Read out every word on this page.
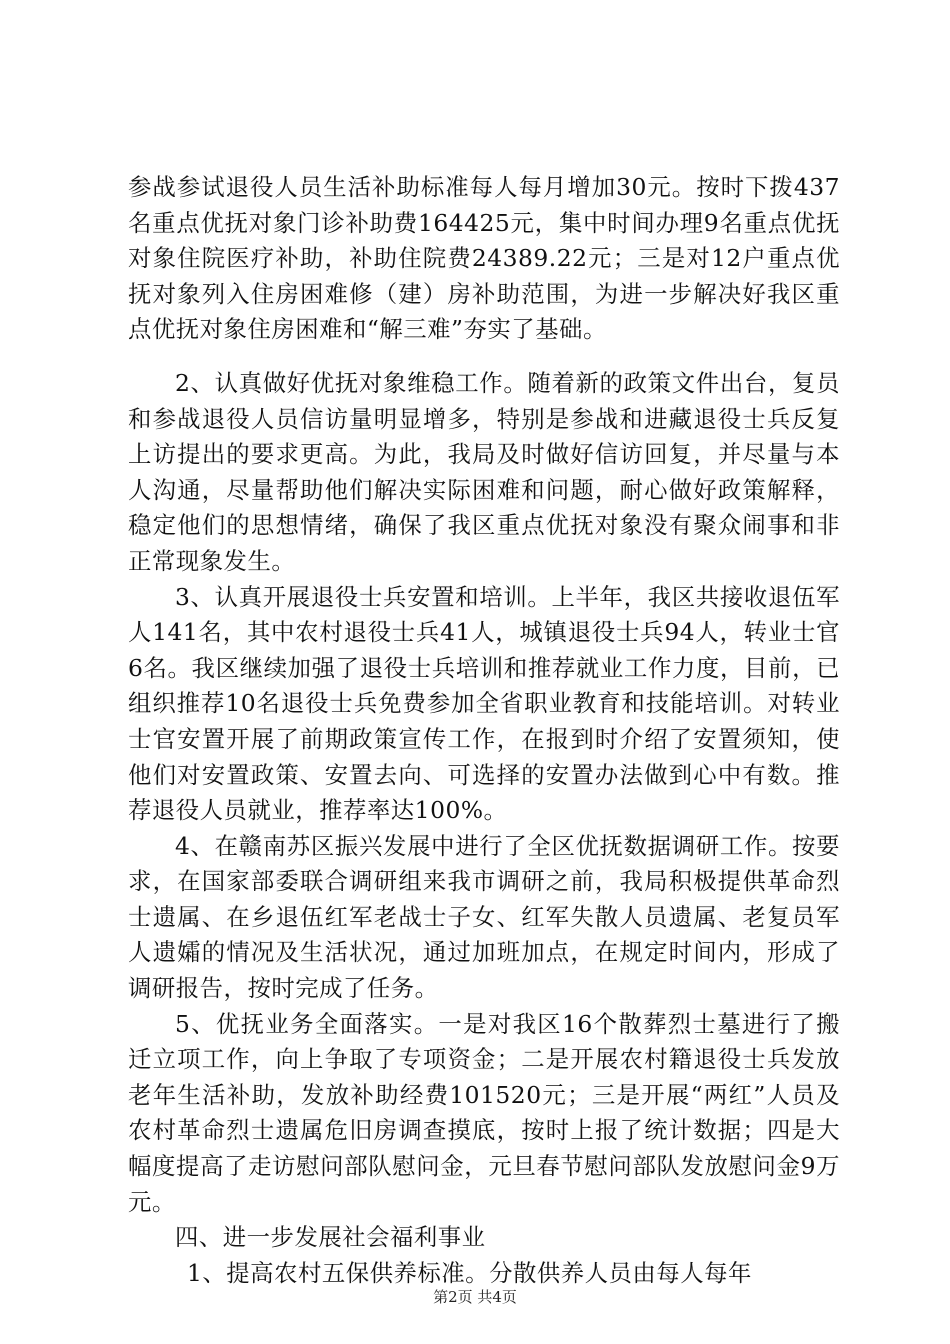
参战参试退役人员生活补助标准每人每月增加30元。按时下拨437名重点优抚对象门诊补助费164425元，集中时间办理9名重点优抚对象住院医疗补助，补助住院费24389.22元；三是对12户重点优抚对象列入住房困难修（建）房补助范围，为进一步解决好我区重点优抚对象住房困难和“解三难”夯实了基础。

2、认真做好优抚对象维稳工作。随着新的政策文件出台，复员和参战退役人员信访量明显增多，特别是参战和进藏退役士兵反复上访提出的要求更高。为此，我局及时做好信访回复，并尽量与本人沟通，尽量帮助他们解决实际困难和问题，耐心做好政策解释，稳定他们的思想情绪，确保了我区重点优抚对象没有聚众闹事和非正常现象发生。

3、认真开展退役士兵安置和培训。上半年，我区共接收退伍军人141名，其中农村退役士兵41人，城镇退役士兵94人，转业士官6名。我区继续加强了退役士兵培训和推荐就业工作力度，目前，已组织推荐10名退役士兵免费参加全省职业教育和技能培训。对转业士官安置开展了前期政策宣传工作，在报到时介绍了安置须知，使他们对安置政策、安置去向、可选择的安置办法做到心中有数。推荐退役人员就业，推荐率达100%。

4、在赣南苏区振兴发展中进行了全区优抚数据调研工作。按要求，在国家部委联合调研组来我市调研之前，我局积极提供革命烈士遗属、在乡退伍红军老战士子女、红军失散人员遗属、老复员军人遗孀的情况及生活状况，通过加班加点，在规定时间内，形成了调研报告，按时完成了任务。

5、优抚业务全面落实。一是对我区16个散葬烈士墓进行了搬迁立项工作，向上争取了专项资金；二是开展农村籍退役士兵发放老年生活补助，发放补助经费101520元；三是开展“两红”人员及农村革命烈士遗属危旧房调查摸底，按时上报了统计数据；四是大幅度提高了走访慰问部队慰问金，元旦春节慰问部队发放慰问金9万元。

四、进一步发展社会福利事业

1、提高农村五保供养标准。分散供养人员由每人每年

第2页 共4页
